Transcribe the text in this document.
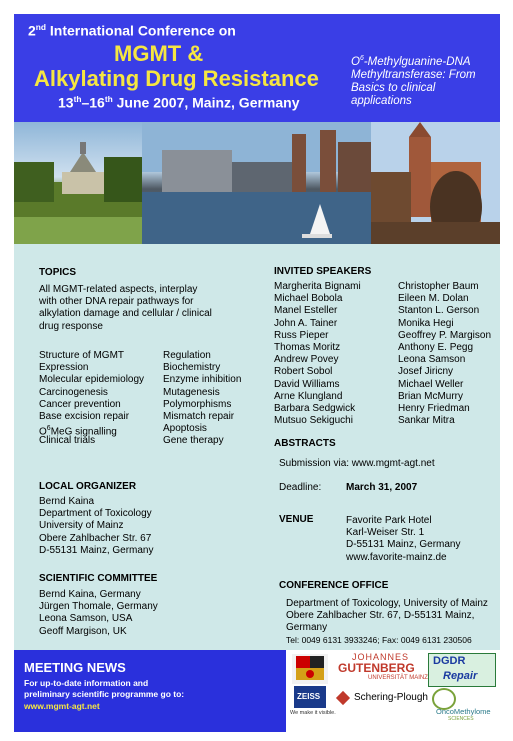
2nd International Conference on
MGMT &
Alkylating Drug Resistance
13th–16th June 2007, Mainz, Germany
$O^6-Methylguanine$-DNA Methyltransferase: From Basics to clinical applications
TOPICS
All MGMT-related aspects, interplay
with other DNA repair pathways for
alkylation damage and cellular / clinical
drug response
Structure of MGMT
Expression
Molecular epidemiology
Carcinogenesis
Cancer prevention
Base excision repair
$O^6MeG$ signalling
Clinical trials
Regulation
Biochemistry
Enzyme inhibition
Mutagenesis
Polymorphisms
Mismatch repair
Apoptosis
Gene therapy
LOCAL ORGANIZER
Bernd Kaina
Department of Toxicology
University of Mainz
Obere Zahlbacher Str. 67
D-55131 Mainz, Germany
SCIENTIFIC COMMITTEE
Bernd Kaina, Germany
Jürgen Thomale, Germany
Leona Samson, USA
Geoff Margison, UK
INVITED SPEAKERS
Margherita Bignami
Michael Bobola
Manel Esteller
John A. Tainer
Russ Pieper
Thomas Moritz
Andrew Povey
Robert Sobol
David Williams
Arne Klungland
Barbara Sedgwick
Mutsuo Sekiguchi
Christopher Baum
Eileen M. Dolan
Stanton L. Gerson
Monika Hegi
Geoffrey P. Margison
Anthony E. Pegg
Leona Samson
Josef Jiricny
Michael Weller
Brian McMurry
Henry Friedman
Sankar Mitra
ABSTRACTS
Submission via: www.mgmt-agt.net
Deadline: March 31, 2007
VENUE	Favorite Park Hotel
Karl-Weiser Str. 1
D-55131 Mainz, Germany
www.favorite-mainz.de
CONFERENCE OFFICE
Department of Toxicology, University of Mainz
Obere Zahlbacher Str. 67, D-55131 Mainz,
Germany
Tel: 0049 6131 3933246; Fax: 0049 6131 230506
MEETING NEWS
For up-to-date information and
preliminary scientific programme go to:
www.mgmt-agt.net
JOHANNES
GUTENBERG
UNIVERSITÄT MAINZ
DGDR
Repair
ZEISS
We make it visible.
Schering-Plough
OncoMethylome
SCIENCES
